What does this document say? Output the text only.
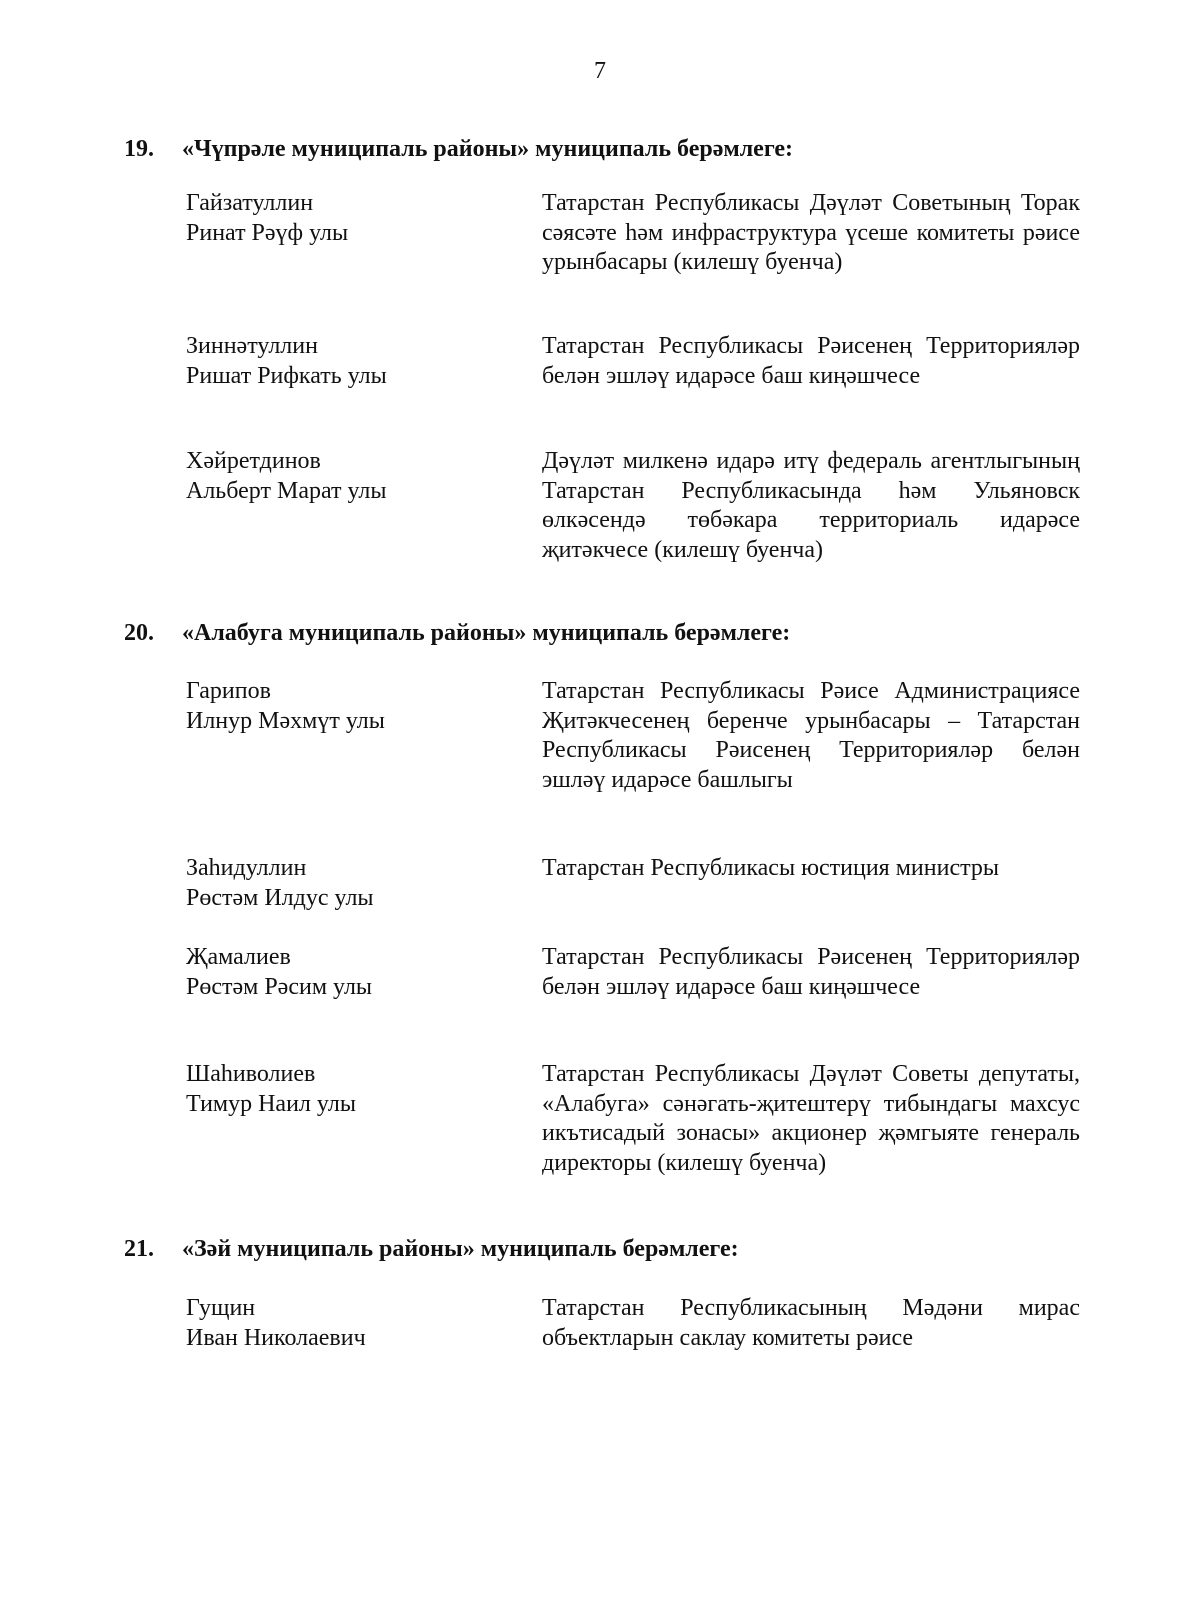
7
19. «Чүпрәле муниципаль районы» муниципаль берәмлеге:
Гайзатуллин
Ринат Рәүф улы
Татарстан Республикасы Дәүләт Советының Торак сәясәте һәм инфраструктура үсеше комитеты рәисе урынбасары (килешү буенча)
Зиннәтуллин
Ришат Рифкать улы
Татарстан Республикасы Рәисенең Территорияләр белән эшләү идарәсе баш киңәшчесе
Хәйретдинов
Альберт Марат улы
Дәүләт милкенә идарә итү федераль агентлыгының Татарстан Республикасында һәм Ульяновск өлкәсендә төбәкара территориаль идарәсе җитәкчесе (килешү буенча)
20. «Алабуга муниципаль районы» муниципаль берәмлеге:
Гарипов
Илнур Мәхмүт улы
Татарстан Республикасы Рәисе Администрациясе Җитәкчесенең беренче урынбасары – Татарстан Республикасы Рәисенең Территорияләр белән эшләү идарәсе башлыгы
Заһидуллин
Рөстәм Илдус улы
Татарстан Республикасы юстиция министры
Җамалиев
Рөстәм Рәсим улы
Татарстан Республикасы Рәисенең Территорияләр белән эшләү идарәсе баш киңәшчесе
Шаһиволиев
Тимур Наил улы
Татарстан Республикасы Дәүләт Советы депутаты, «Алабуга» сәнәгать-җитештерү тибындагы махсус икътисадый зонасы» акционер җәмгыяте генераль директоры (килешү буенча)
21. «Зәй муниципаль районы» муниципаль берәмлеге:
Гущин
Иван Николаевич
Татарстан Республикасының Мәдәни мирас объектларын саклау комитеты рәисе
